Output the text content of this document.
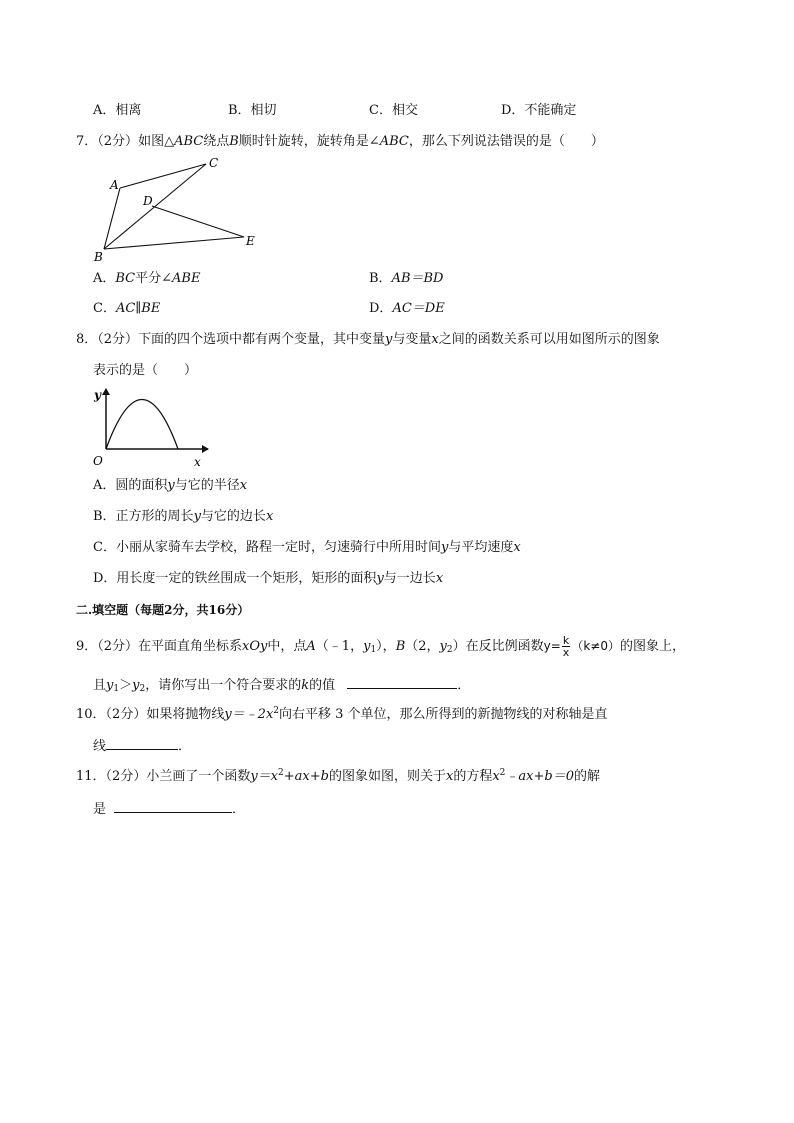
A．相离	B．相切	C．相交	D．不能确定
7．（2分）如图△ABC绕点B顺时针旋转，旋转角是∠ABC，那么下列说法错误的是（　　）
A
B
C
D
E
A．BC平分∠ABE	B．AB＝BD
C．AC∥BE	D．AC＝DE
8．（2分）下面的四个选项中都有两个变量，其中变量y与变量x之间的函数关系可以用如图所示的图象
表示的是（　　）
y
O	x
A．圆的面积y与它的半径x
B．正方形的周长y与它的边长x
C．小丽从家骑车去学校，路程一定时，匀速骑行中所用时间y与平均速度x
D．用长度一定的铁丝围成一个矩形，矩形的面积y与一边长x
二.填空题（每题2分，共16分）
9．（2分）在平面直角坐标系xOy中，点A（﹣1，$y_1$），B（2，$y_2$）在反比例函数$y= \frac{k}{x} (k\ne 0)$的图象上，
且$y_1>y_2$，请你写出一个符合要求的k的值	．
10．（2分）如果将抛物线$y=﹣2x^2$向右平移 3 个单位，那么所得到的新抛物线的对称轴是直
线	．
11．（2分）小兰画了一个函数$y=x^2+ax+b$的图象如图，则关于x的方程$x^2﹣ax+b=0$的解
是	．
